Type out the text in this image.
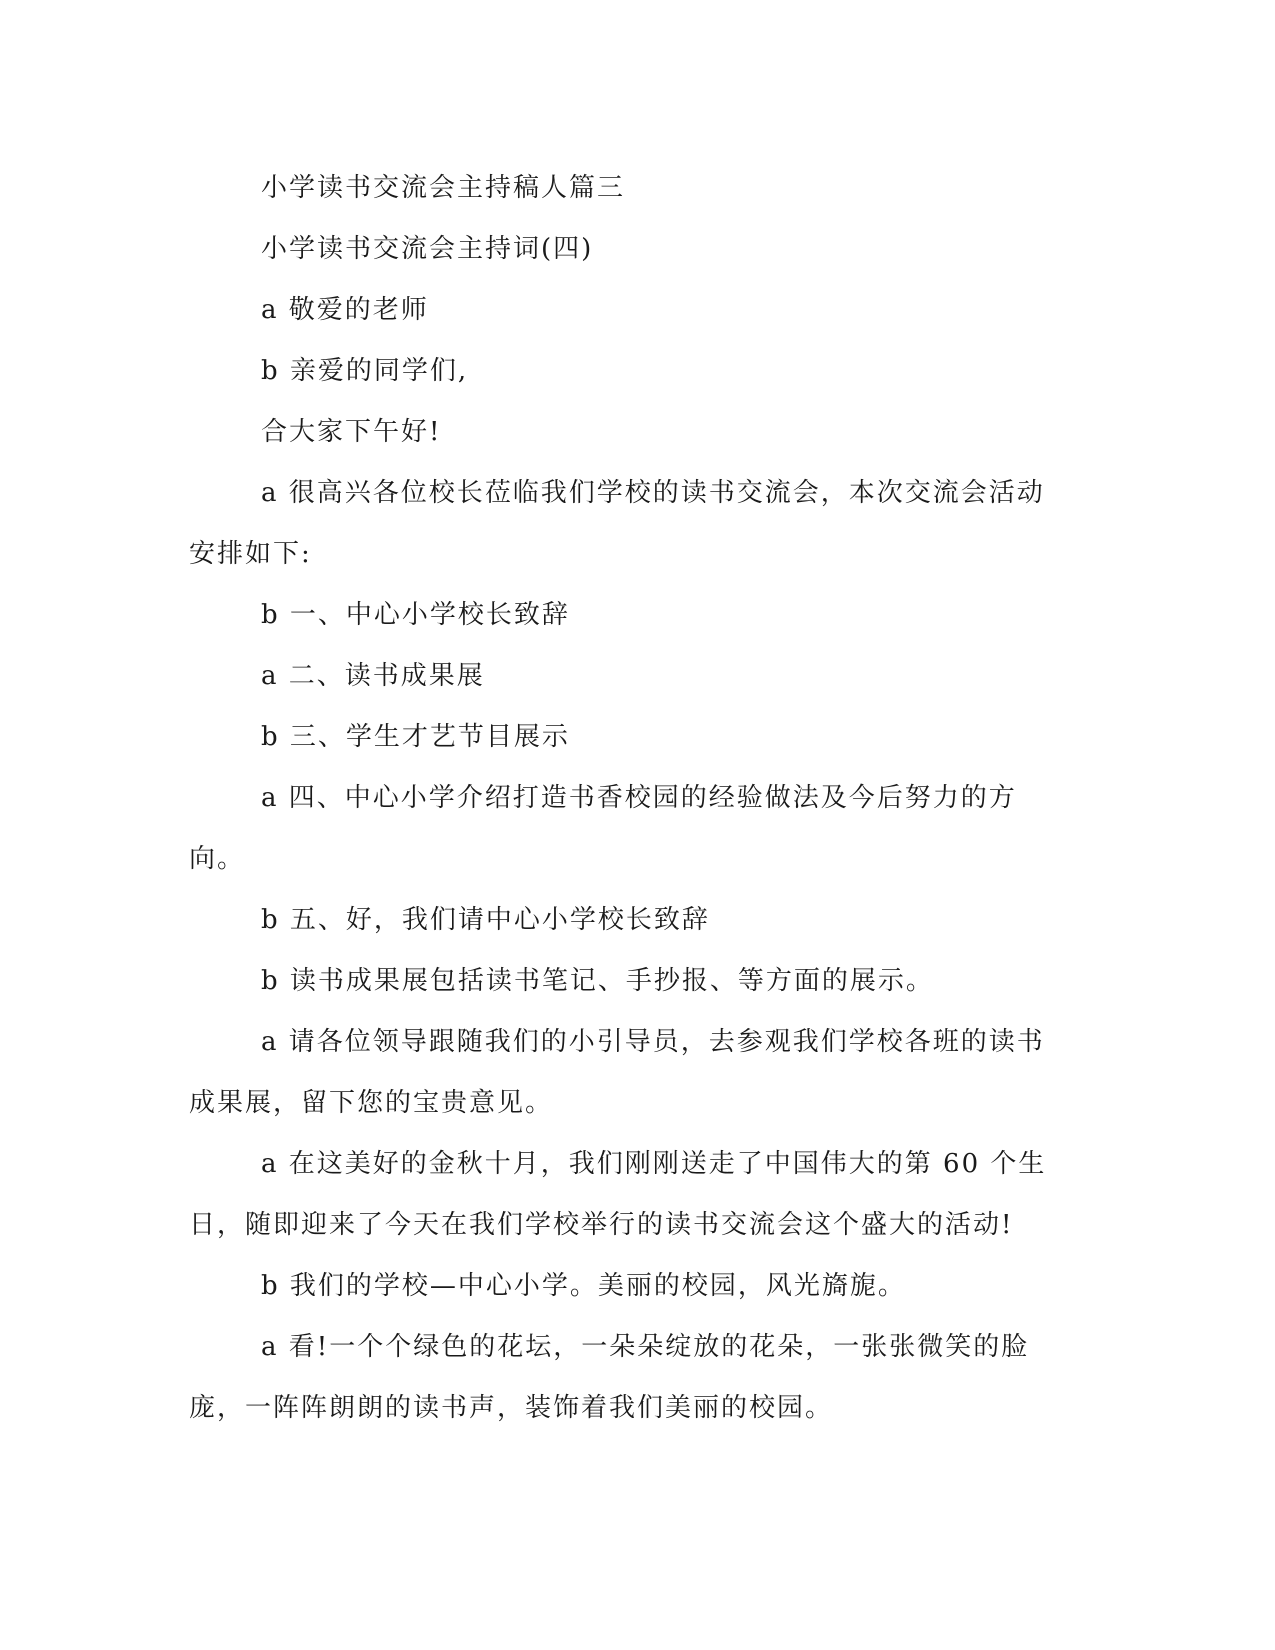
小学读书交流会主持稿人篇三

小学读书交流会主持词(四)

a 敬爱的老师

b 亲爱的同学们,

合大家下午好!

a 很高兴各位校长莅临我们学校的读书交流会，本次交流会活动安排如下:

b 一、中心小学校长致辞

a 二、读书成果展

b 三、学生才艺节目展示

a 四、中心小学介绍打造书香校园的经验做法及今后努力的方向。

b 五、好，我们请中心小学校长致辞

b 读书成果展包括读书笔记、手抄报、等方面的展示。

a 请各位领导跟随我们的小引导员，去参观我们学校各班的读书成果展，留下您的宝贵意见。

a 在这美好的金秋十月，我们刚刚送走了中国伟大的第 60 个生日，随即迎来了今天在我们学校举行的读书交流会这个盛大的活动!

b 我们的学校—中心小学。美丽的校园，风光旖旎。

a 看!一个个绿色的花坛，一朵朵绽放的花朵，一张张微笑的脸庞，一阵阵朗朗的读书声，装饰着我们美丽的校园。
